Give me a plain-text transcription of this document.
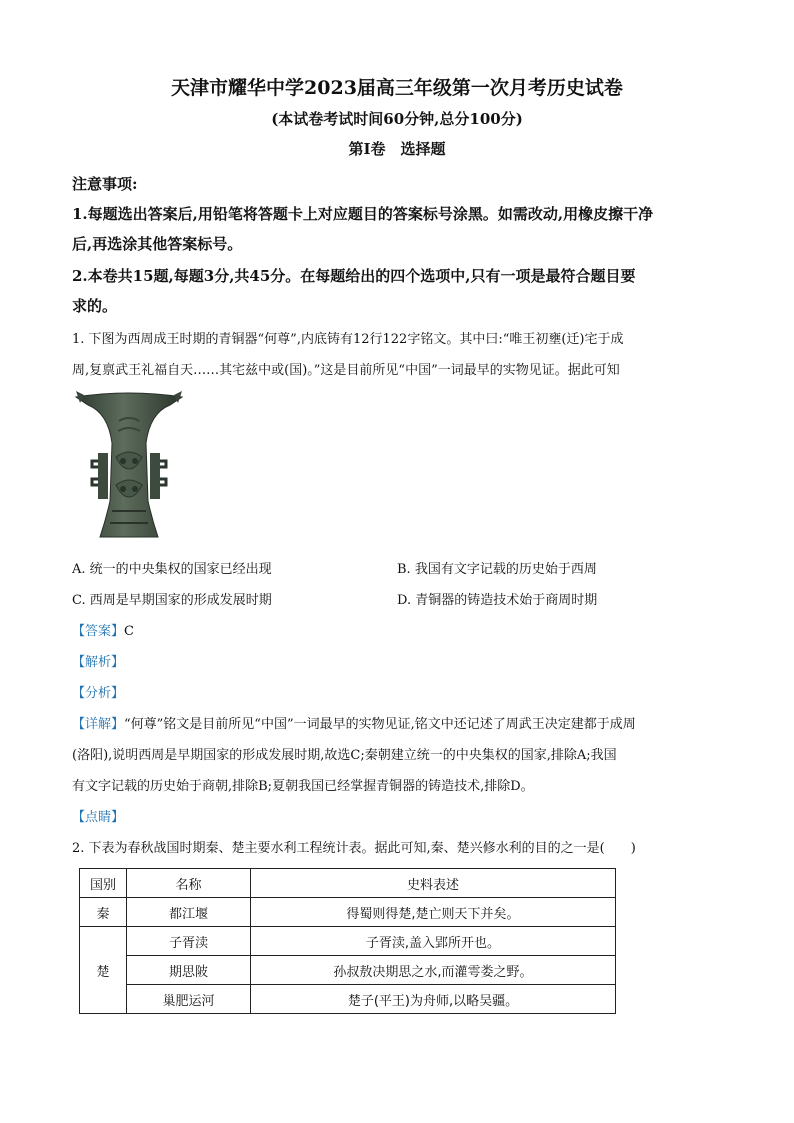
天津市耀华中学2023届高三年级第一次月考历史试卷
(本试卷考试时间60分钟,总分100分)
第I卷　选择题
注意事项:
1.每题选出答案后,用铅笔将答题卡上对应题目的答案标号涂黑。如需改动,用橡皮擦干净
后,再选涂其他答案标号。
2.本卷共15题,每题3分,共45分。在每题给出的四个选项中,只有一项是最符合题目要
求的。
1. 下图为西周成王时期的青铜器“何尊”,内底铸有12行122字铭文。其中曰:“唯王初壅(迁)宅于成
周,复禀武王礼福自天……其宅兹中或(国)。”这是目前所见“中国”一词最早的实物见证。据此可知
A. 统一的中央集权的国家已经出现	B. 我国有文字记载的历史始于西周
C. 西周是早期国家的形成发展时期	D. 青铜器的铸造技术始于商周时期
【答案】C
【解析】
【分析】
【详解】“何尊”铭文是目前所见“中国”一词最早的实物见证,铭文中还记述了周武王决定建都于成周
(洛阳),说明西周是早期国家的形成发展时期,故选C;秦朝建立统一的中央集权的国家,排除A;我国
有文字记载的历史始于商朝,排除B;夏朝我国已经掌握青铜器的铸造技术,排除D。
【点睛】
2. 下表为春秋战国时期秦、楚主要水利工程统计表。据此可知,秦、楚兴修水利的目的之一是(　　)
国别	名称	史料表述
秦	都江堰	得蜀则得楚,楚亡则天下并矣。
楚	子胥渎	子胥渎,盖入郢所开也。
	期思陂	孙叔敖决期思之水,而灌雩娄之野。
	巢肥运河	楚子(平王)为舟师,以略吴疆。
